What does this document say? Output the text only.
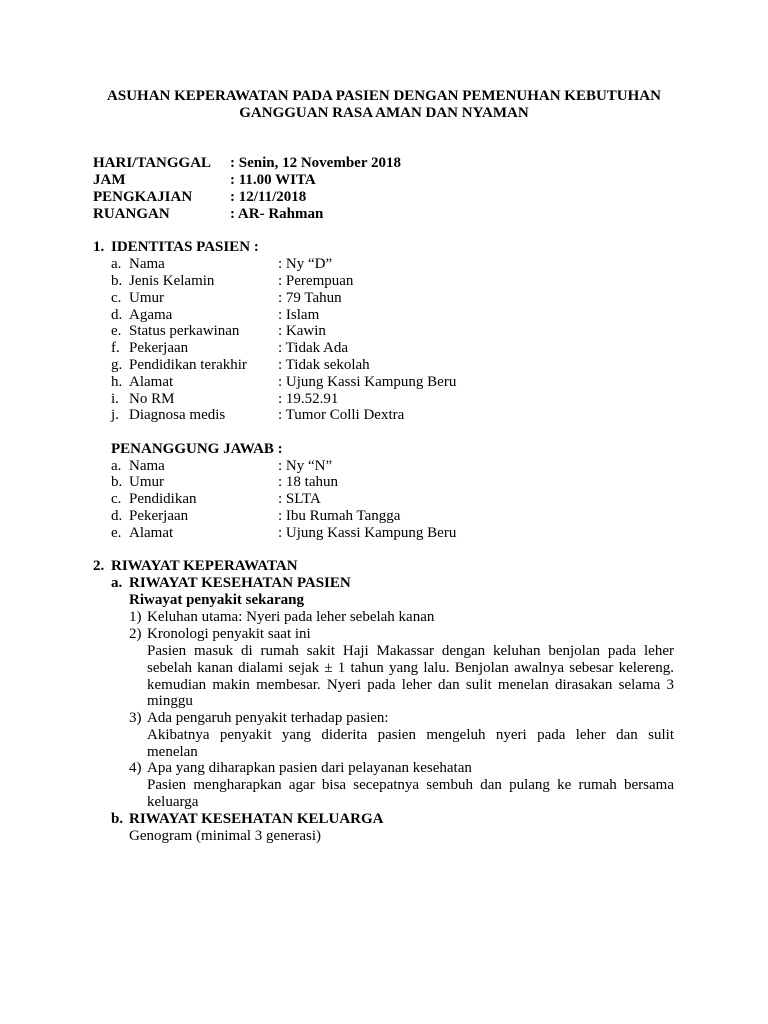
ASUHAN KEPERAWATAN PADA PASIEN DENGAN PEMENUHAN KEBUTUHAN
GANGGUAN RASA AMAN DAN NYAMAN
HARI/TANGGAL : Senin, 12 November 2018
JAM	: 11.00 WITA
PENGKAJIAN	: 12/11/2018
RUANGAN	: AR- Rahman
1. IDENTITAS PASIEN :
a. Nama	: Ny “D”
b. Jenis Kelamin	: Perempuan
c. Umur	: 79 Tahun
d. Agama	: Islam
e. Status perkawinan	: Kawin
f. Pekerjaan	: Tidak Ada
g. Pendidikan terakhir : Tidak sekolah
h. Alamat	: Ujung Kassi Kampung Beru
i. No RM	: 19.52.91
j. Diagnosa medis	: Tumor Colli Dextra
PENANGGUNG JAWAB :
a. Nama	: Ny “N”
b. Umur	: 18 tahun
c. Pendidikan	: SLTA
d. Pekerjaan	: Ibu Rumah Tangga
e. Alamat	: Ujung Kassi Kampung Beru
2. RIWAYAT KEPERAWATAN
a. RIWAYAT KESEHATAN PASIEN
Riwayat penyakit sekarang
1) Keluhan utama: Nyeri pada leher sebelah kanan
2) Kronologi penyakit saat ini
Pasien masuk di rumah sakit Haji Makassar dengan keluhan benjolan pada leher
sebelah kanan dialami sejak ± 1 tahun yang lalu. Benjolan awalnya sebesar kelereng.
kemudian makin membesar. Nyeri pada leher dan sulit menelan dirasakan selama 3
minggu
3) Ada pengaruh penyakit terhadap pasien:
Akibatnya penyakit yang diderita pasien mengeluh nyeri pada leher dan sulit
menelan
4) Apa yang diharapkan pasien dari pelayanan kesehatan
Pasien mengharapkan agar bisa secepatnya sembuh dan pulang ke rumah bersama
keluarga
b. RIWAYAT KESEHATAN KELUARGA
Genogram (minimal 3 generasi)
